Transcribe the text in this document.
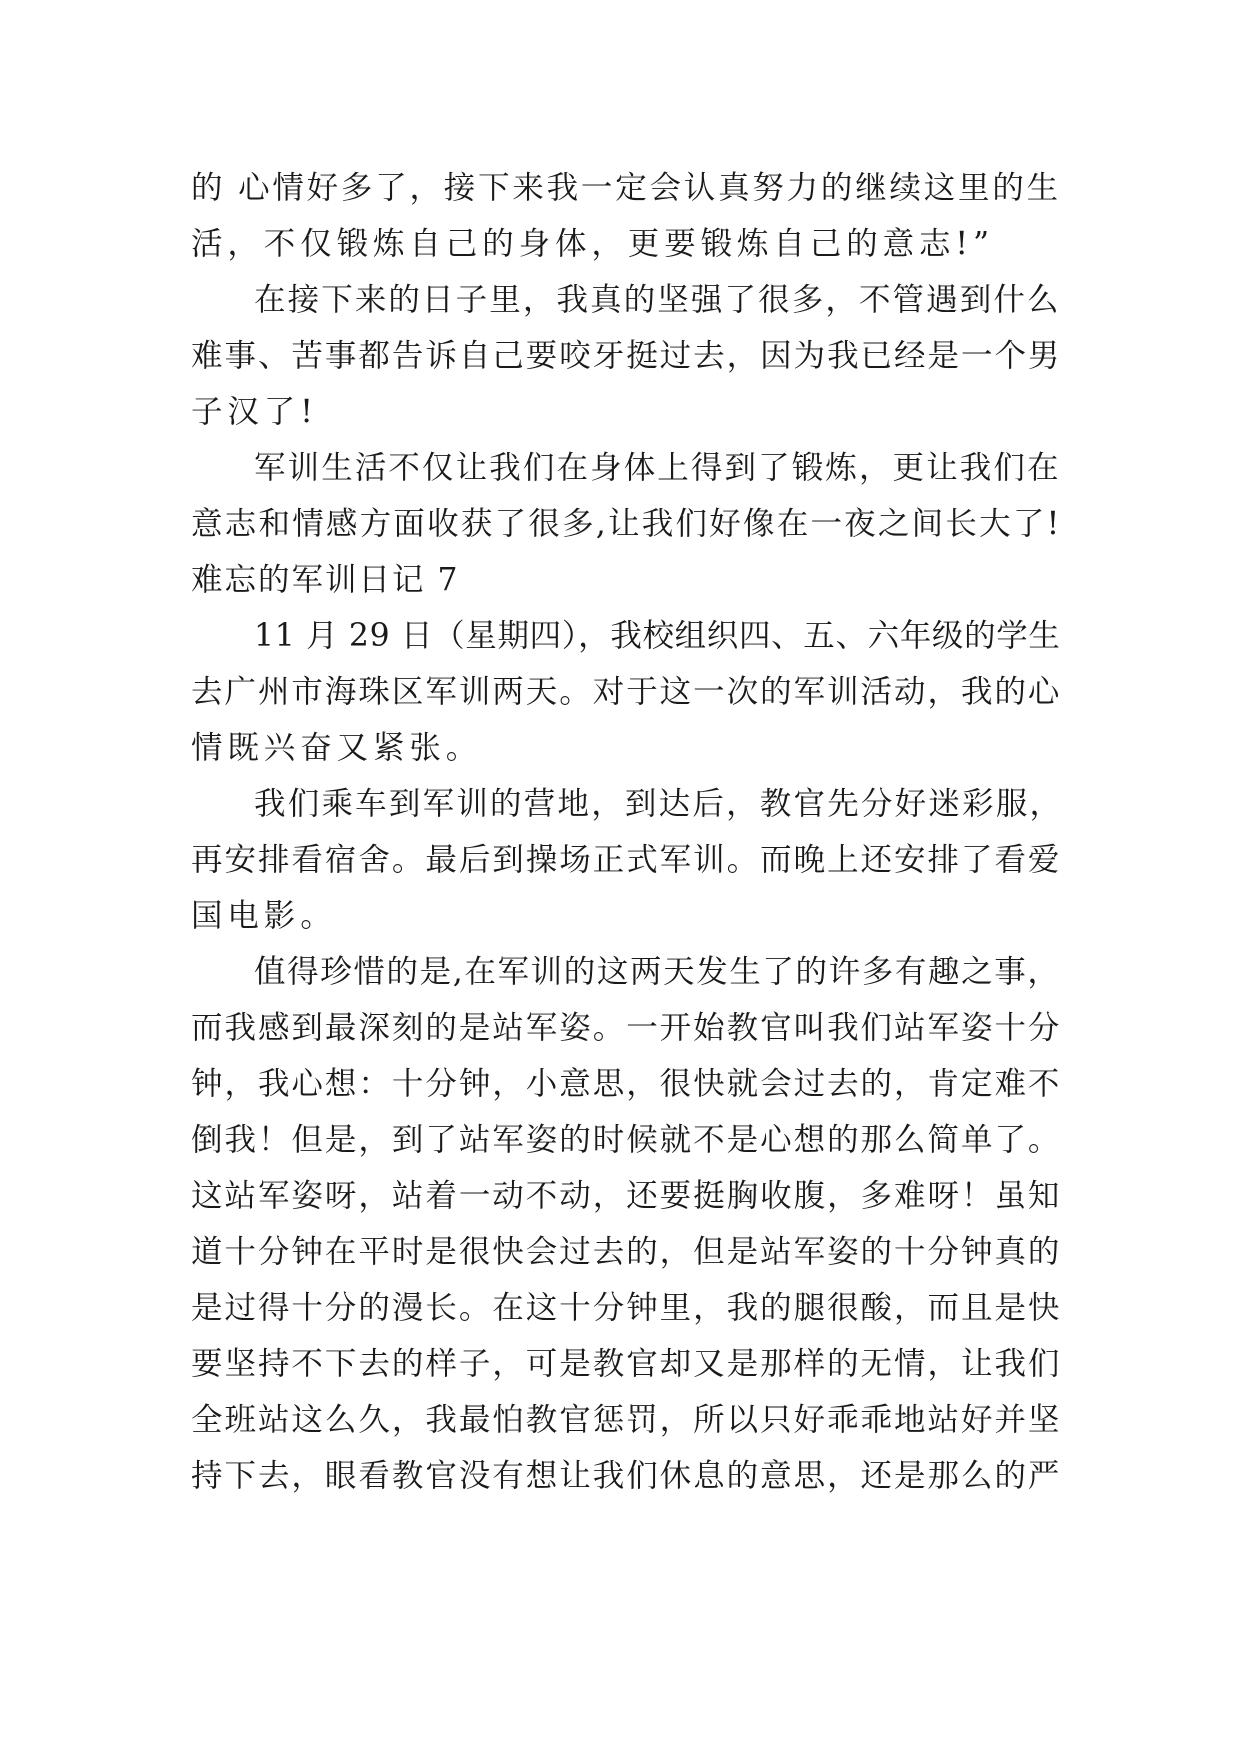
的 心情好多了，接下来我一定会认真努力的继续这里的生
活，不仅锻炼自己的身体，更要锻炼自己的意志!”
在接下来的日子里，我真的坚强了很多，不管遇到什么
难事、苦事都告诉自己要咬牙挺过去，因为我已经是一个男
子汉了!
军训生活不仅让我们在身体上得到了锻炼，更让我们在
意志和情感方面收获了很多,让我们好像在一夜之间长大了!
难忘的军训日记 7
11 月 29 日（星期四），我校组织四、五、六年级的学生
去广州市海珠区军训两天。对于这一次的军训活动，我的心
情既兴奋又紧张。
我们乘车到军训的营地，到达后，教官先分好迷彩服，
再安排看宿舍。最后到操场正式军训。而晚上还安排了看爱
国电影。
值得珍惜的是,在军训的这两天发生了的许多有趣之事，
而我感到最深刻的是站军姿。一开始教官叫我们站军姿十分
钟，我心想：十分钟，小意思，很快就会过去的，肯定难不
倒我！但是，到了站军姿的时候就不是心想的那么简单了。
这站军姿呀，站着一动不动，还要挺胸收腹，多难呀！虽知
道十分钟在平时是很快会过去的，但是站军姿的十分钟真的
是过得十分的漫长。在这十分钟里，我的腿很酸，而且是快
要坚持不下去的样子，可是教官却又是那样的无情，让我们
全班站这么久，我最怕教官惩罚，所以只好乖乖地站好并坚
持下去，眼看教官没有想让我们休息的意思，还是那么的严
